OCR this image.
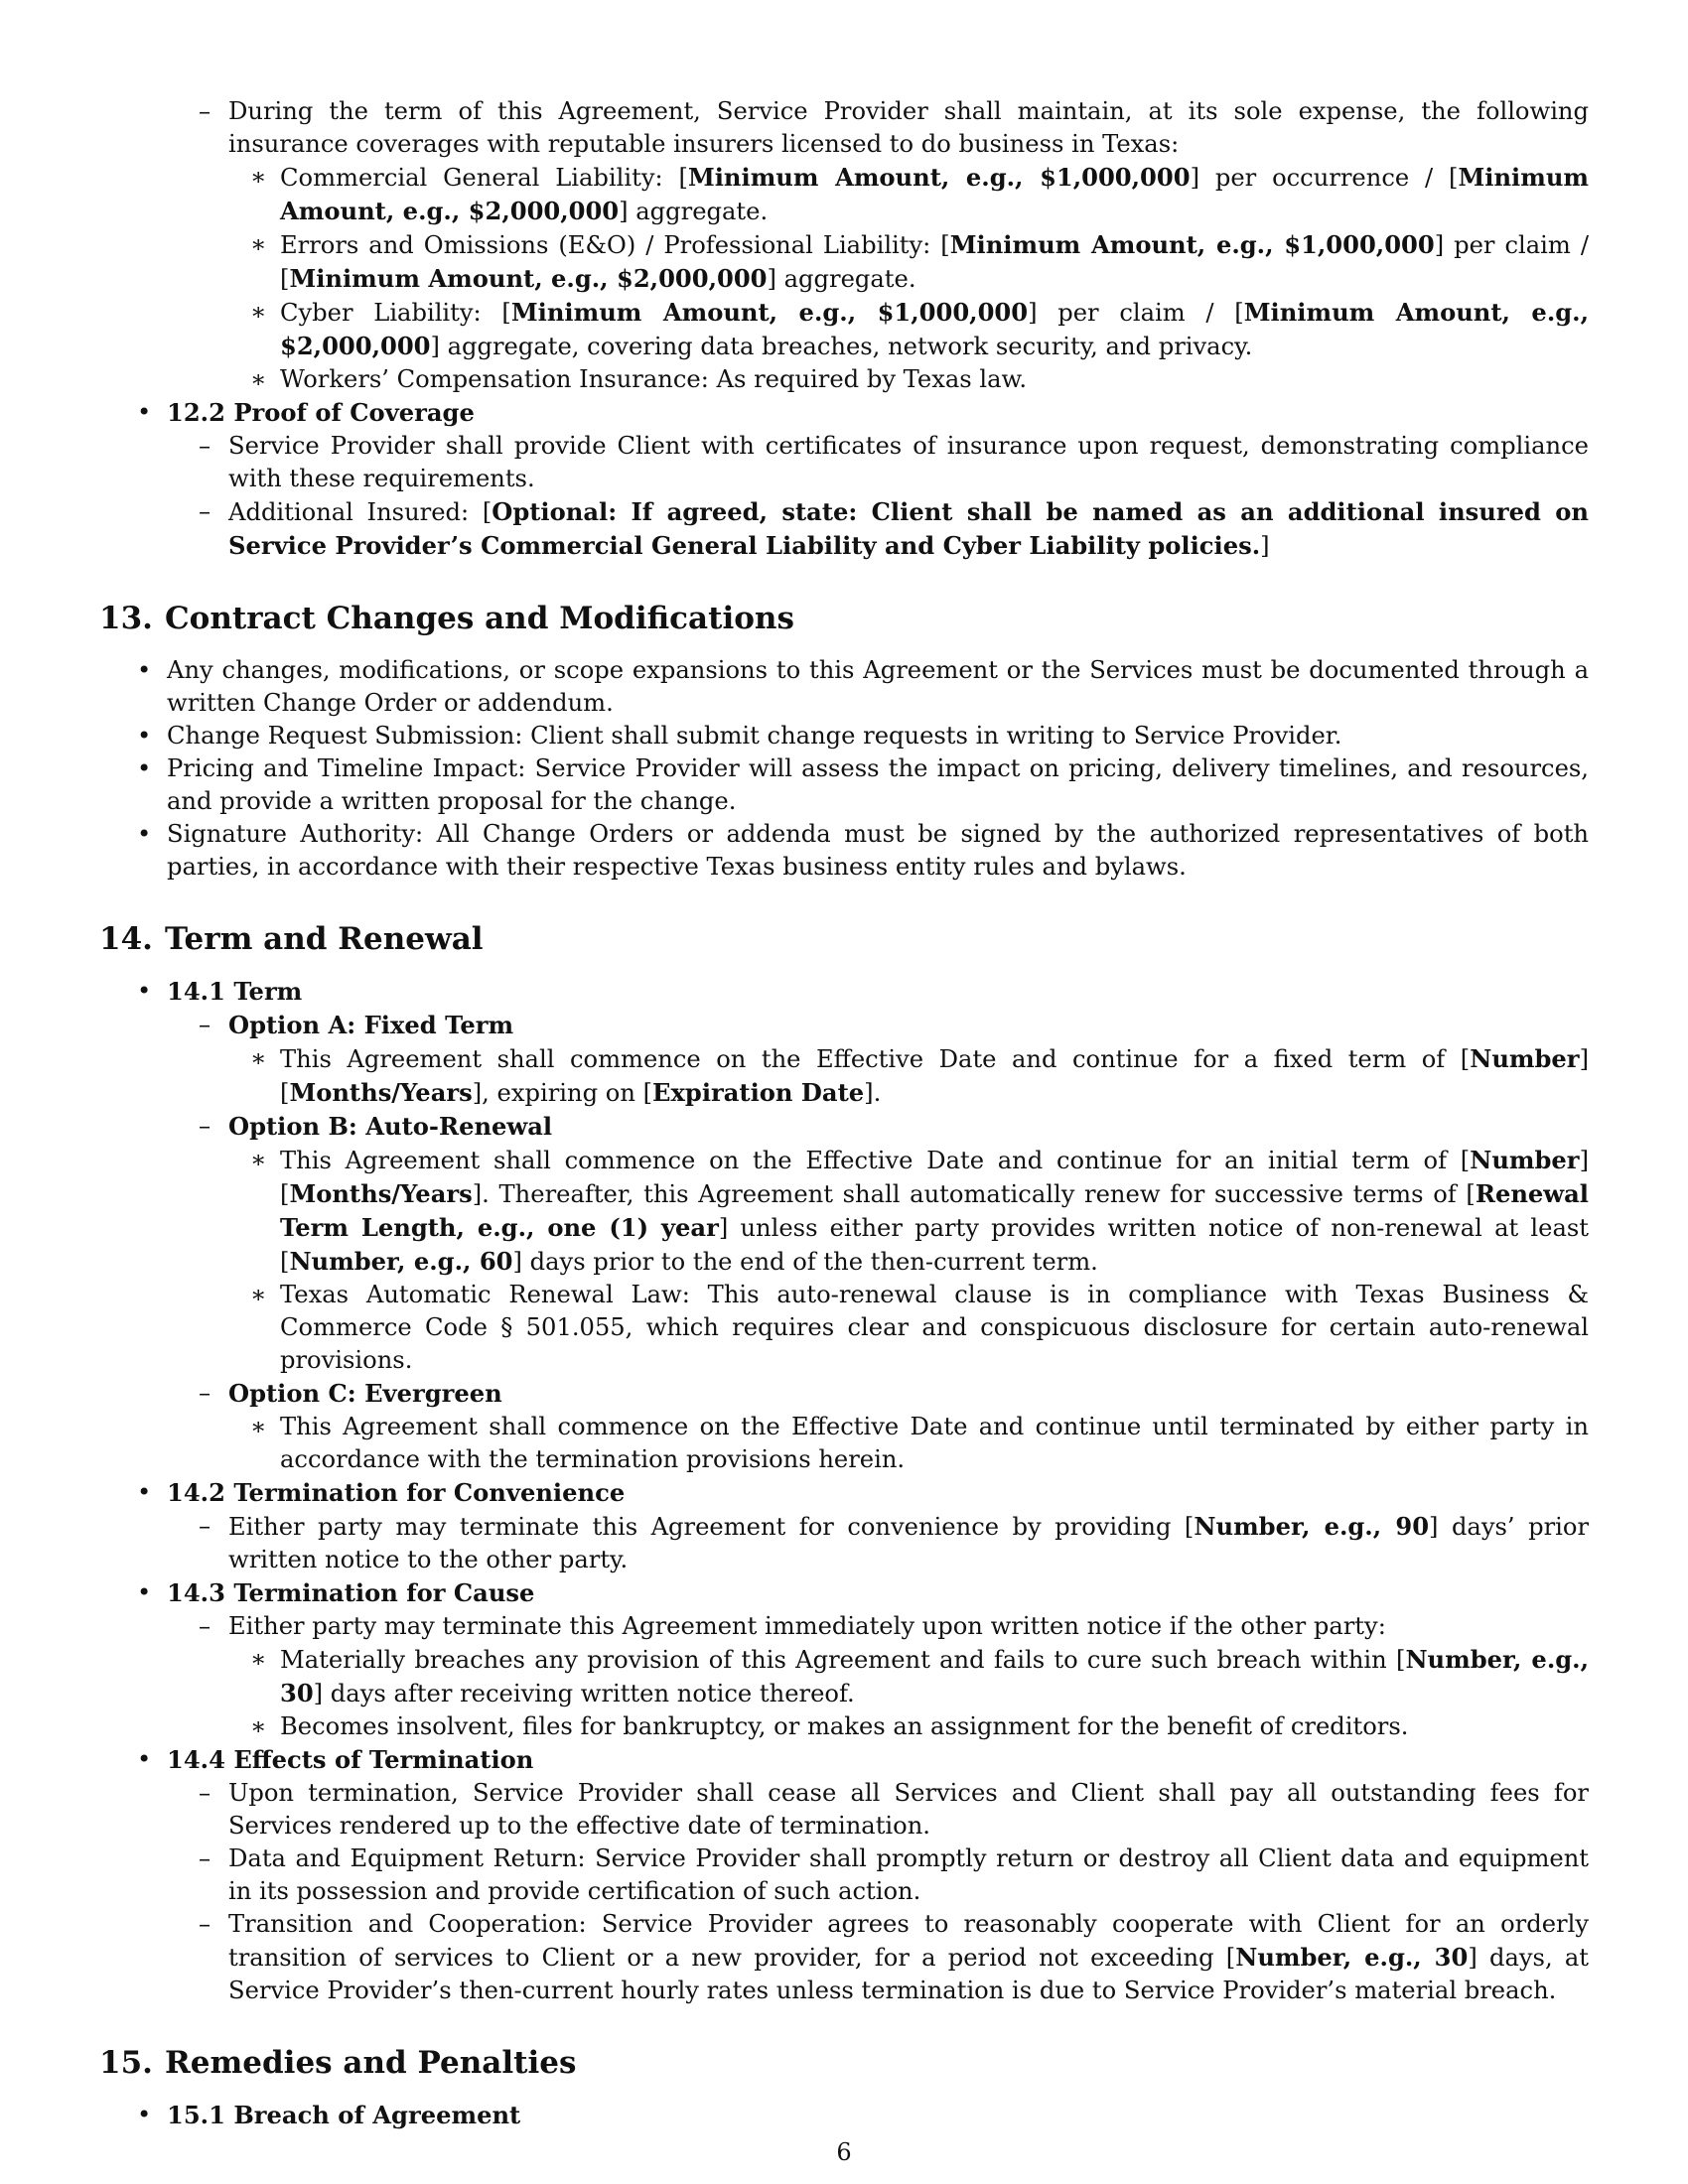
– During the term of this Agreement, Service Provider shall maintain, at its sole expense, the following insurance coverages with reputable insurers licensed to do business in Texas:
∗ Commercial General Liability: [Minimum Amount, e.g., $1,000,000] per occurrence / [Minimum Amount, e.g., $2,000,000] aggregate.
∗ Errors and Omissions (E&O) / Professional Liability: [Minimum Amount, e.g., $1,000,000] per claim / [Minimum Amount, e.g., $2,000,000] aggregate.
∗ Cyber Liability: [Minimum Amount, e.g., $1,000,000] per claim / [Minimum Amount, e.g., $2,000,000] aggregate, covering data breaches, network security, and privacy.
∗ Workers’ Compensation Insurance: As required by Texas law.
• 12.2 Proof of Coverage
– Service Provider shall provide Client with certificates of insurance upon request, demonstrating compliance with these requirements.
– Additional Insured: [Optional: If agreed, state: Client shall be named as an additional insured on Service Provider’s Commercial General Liability and Cyber Liability policies.]
13. Contract Changes and Modifications
• Any changes, modifications, or scope expansions to this Agreement or the Services must be documented through a written Change Order or addendum.
• Change Request Submission: Client shall submit change requests in writing to Service Provider.
• Pricing and Timeline Impact: Service Provider will assess the impact on pricing, delivery timelines, and resources, and provide a written proposal for the change.
• Signature Authority: All Change Orders or addenda must be signed by the authorized representatives of both parties, in accordance with their respective Texas business entity rules and bylaws.
14. Term and Renewal
• 14.1 Term
– Option A: Fixed Term
∗ This Agreement shall commence on the Effective Date and continue for a fixed term of [Number] [Months/Years], expiring on [Expiration Date].
– Option B: Auto-Renewal
∗ This Agreement shall commence on the Effective Date and continue for an initial term of [Number] [Months/Years]. Thereafter, this Agreement shall automatically renew for successive terms of [Renewal Term Length, e.g., one (1) year] unless either party provides written notice of non-renewal at least [Number, e.g., 60] days prior to the end of the then-current term.
∗ Texas Automatic Renewal Law: This auto-renewal clause is in compliance with Texas Business & Commerce Code § 501.055, which requires clear and conspicuous disclosure for certain auto-renewal provisions.
– Option C: Evergreen
∗ This Agreement shall commence on the Effective Date and continue until terminated by either party in accordance with the termination provisions herein.
• 14.2 Termination for Convenience
– Either party may terminate this Agreement for convenience by providing [Number, e.g., 90] days’ prior written notice to the other party.
• 14.3 Termination for Cause
– Either party may terminate this Agreement immediately upon written notice if the other party:
∗ Materially breaches any provision of this Agreement and fails to cure such breach within [Number, e.g., 30] days after receiving written notice thereof.
∗ Becomes insolvent, files for bankruptcy, or makes an assignment for the benefit of creditors.
• 14.4 Effects of Termination
– Upon termination, Service Provider shall cease all Services and Client shall pay all outstanding fees for Services rendered up to the effective date of termination.
– Data and Equipment Return: Service Provider shall promptly return or destroy all Client data and equipment in its possession and provide certification of such action.
– Transition and Cooperation: Service Provider agrees to reasonably cooperate with Client for an orderly transition of services to Client or a new provider, for a period not exceeding [Number, e.g., 30] days, at Service Provider’s then-current hourly rates unless termination is due to Service Provider’s material breach.
15. Remedies and Penalties
• 15.1 Breach of Agreement
6
